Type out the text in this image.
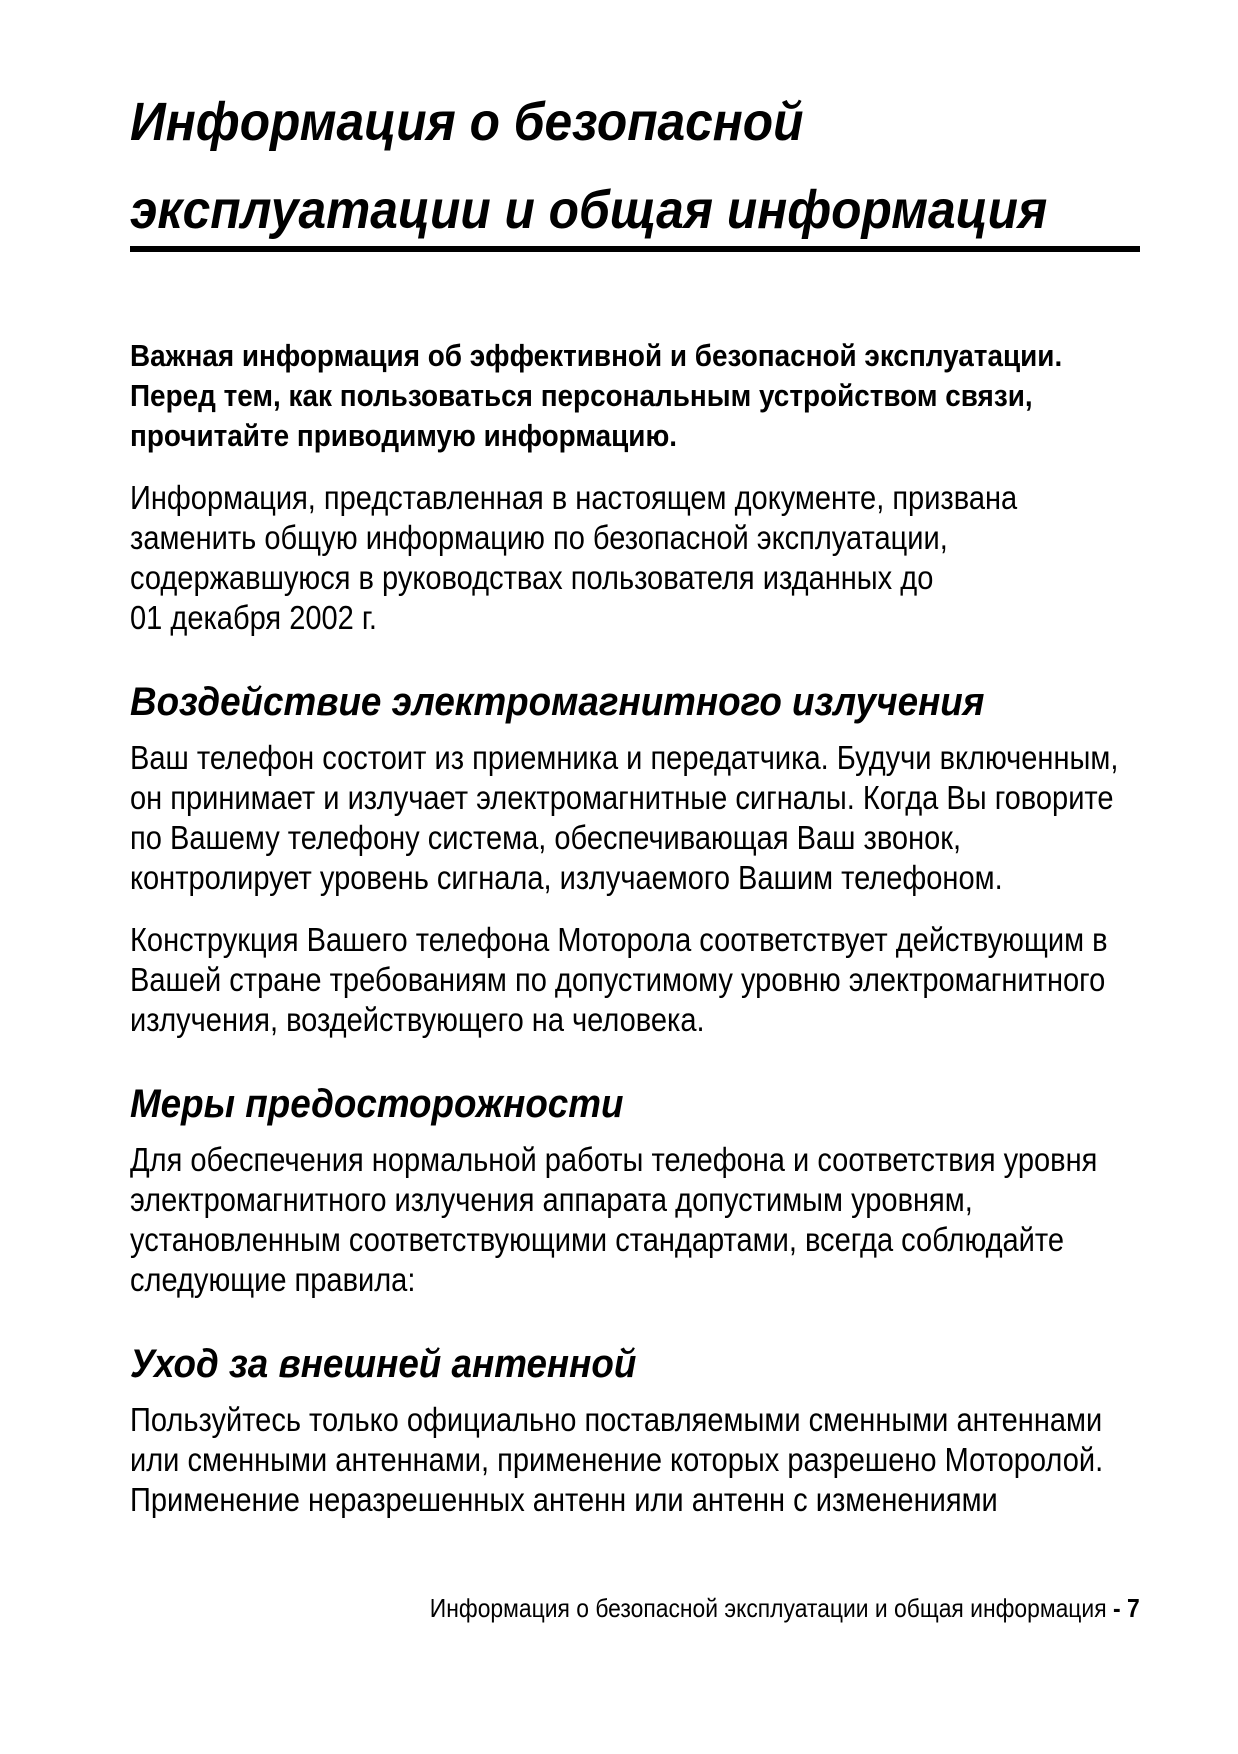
Информация о безопасной
эксплуатации и общая информация

Важная информация об эффективной и безопасной эксплуатации.
Перед тем, как пользоваться персональным устройством связи,
прочитайте приводимую информацию.

Информация, представленная в настоящем документе, призвана
заменить общую информацию по безопасной эксплуатации,
содержавшуюся в руководствах пользователя изданных до
01 декабря 2002 г.

Воздействие электромагнитного излучения

Ваш телефон состоит из приемника и передатчика. Будучи включенным,
он принимает и излучает электромагнитные сигналы. Когда Вы говорите
по Вашему телефону система, обеспечивающая Ваш звонок,
контролирует уровень сигнала, излучаемого Вашим телефоном.

Конструкция Вашего телефона Моторола соответствует действующим в
Вашей стране требованиям по допустимому уровню электромагнитного
излучения, воздействующего на человека.

Меры предосторожности

Для обеспечения нормальной работы телефона и соответствия уровня
электромагнитного излучения аппарата допустимым уровням,
установленным соответствующими стандартами, всегда соблюдайте
следующие правила:

Уход за внешней антенной

Пользуйтесь только официально поставляемыми сменными антеннами
или сменными антеннами, применение которых разрешено Моторолой.
Применение неразрешенных антенн или антенн с изменениями

Информация о безопасной эксплуатации и общая информация - 7
